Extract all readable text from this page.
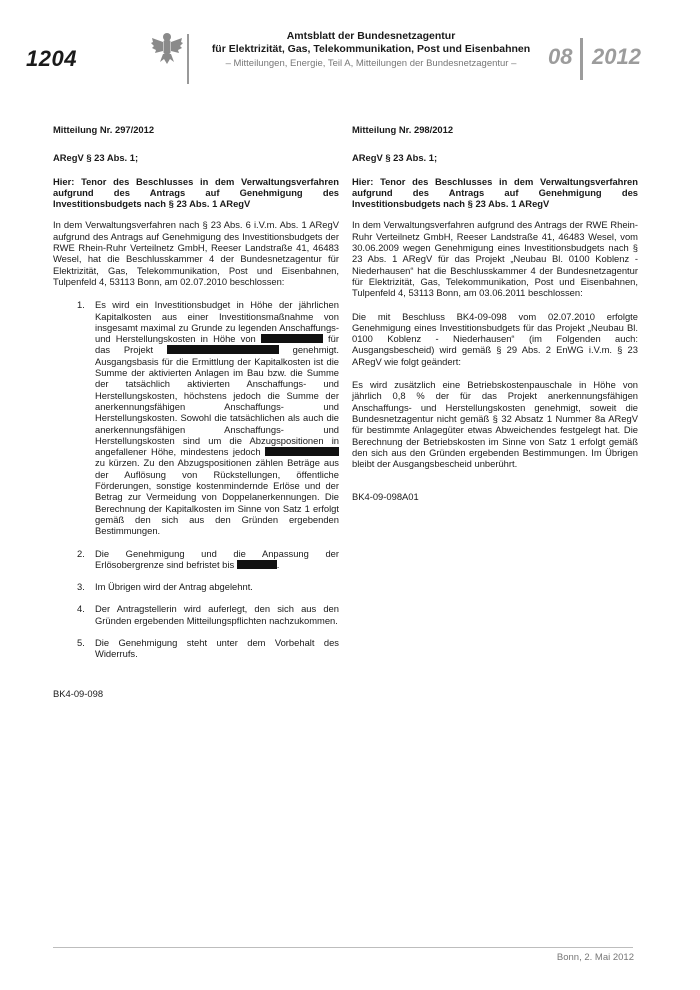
1204
Amtsblatt der Bundesnetzagentur
für Elektrizität, Gas, Telekommunikation, Post und Eisenbahnen
– Mitteilungen, Energie, Teil A, Mitteilungen der Bundesnetzagentur –	08 2012

Mitteilung Nr. 297/2012

ARegV § 23 Abs. 1;

Hier: Tenor des Beschlusses in dem Verwaltungsverfahren aufgrund des Antrags auf Genehmigung des Investitionsbudgets nach § 23 Abs. 1 ARegV

In dem Verwaltungsverfahren nach § 23 Abs. 6 i.V.m. Abs. 1 ARegV aufgrund des Antrags auf Genehmigung des Investitionsbudgets der RWE Rhein-Ruhr Verteilnetz GmbH, Reeser Landstraße 41, 46483 Wesel, hat die Beschlusskammer 4 der Bundesnetzagentur für Elektrizität, Gas, Telekommunikation, Post und Eisenbahnen, Tulpenfeld 4, 53113 Bonn, am 02.07.2010 beschlossen:

1. Es wird ein Investitionsbudget in Höhe der jährlichen Kapitalkosten aus einer Investitionsmaßnahme von insgesamt maximal zu Grunde zu legenden Anschaffungs- und Herstellungskosten in Höhe von	für das Projekt	genehmigt. Ausgangsbasis für die Ermittlung der Kapitalkosten ist die Summe der aktivierten Anlagen im Bau bzw. die Summe der tatsächlich aktivierten Anschaffungs- und Herstellungskosten, höchstens jedoch die Summe der anerkennungsfähigen Anschaffungs- und Herstellungskosten. Sowohl die tatsächlichen als auch die anerkennungsfähigen Anschaffungs- und Herstellungskosten sind um die Abzugspositionen in angefallener Höhe, mindestens jedoch  zu kürzen. Zu den Abzugspositionen zählen Beträge aus der Auflösung von Rückstellungen, öffentliche Förderungen, sonstige kostenmindernde Erlöse und der Betrag zur Vermeidung von Doppelanerkennungen. Die Berechnung der Kapitalkosten im Sinne von Satz 1 erfolgt gemäß den sich aus den Gründen ergebenden Bestimmungen.
2. Die Genehmigung und die Anpassung der Erlösobergrenze sind befristet bis	.
3. Im Übrigen wird der Antrag abgelehnt.
4. Der Antragstellerin wird auferlegt, den sich aus den Gründen ergebenden Mitteilungspflichten nachzukommen.
5. Die Genehmigung steht unter dem Vorbehalt des Widerrufs.

BK4-09-098

Mitteilung Nr. 298/2012

ARegV § 23 Abs. 1;

Hier: Tenor des Beschlusses in dem Verwaltungsverfahren aufgrund des Antrags auf Genehmigung des Investitionsbudgets nach § 23 Abs. 1 ARegV

In dem Verwaltungsverfahren aufgrund des Antrags der RWE Rhein-Ruhr Verteilnetz GmbH, Reeser Landstraße 41, 46483 Wesel, vom 30.06.2009 wegen Genehmigung eines Investitionsbudgets nach § 23 Abs. 1 ARegV für das Projekt „Neubau Bl. 0100 Koblenz - Niederhausen“ hat die Beschlusskammer 4 der Bundesnetzagentur für Elektrizität, Gas, Telekommunikation, Post und Eisenbahnen, Tulpenfeld 4, 53113 Bonn, am 03.06.2011 beschlossen:

Die mit Beschluss BK4-09-098 vom 02.07.2010 erfolgte Genehmigung eines Investitionsbudgets für das Projekt „Neubau Bl. 0100 Koblenz - Niederhausen“ (im Folgenden auch: Ausgangsbescheid) wird gemäß § 29 Abs. 2 EnWG i.V.m. § 23 ARegV wie folgt geändert:

Es wird zusätzlich eine Betriebskostenpauschale in Höhe von jährlich 0,8 % der für das Projekt anerkennungsfähigen Anschaffungs- und Herstellungskosten genehmigt, soweit die Bundesnetzagentur nicht gemäß § 32 Absatz 1 Nummer 8a ARegV für bestimmte Anlagegüter etwas Abweichendes festgelegt hat. Die Berechnung der Betriebskosten im Sinne von Satz 1 erfolgt gemäß den sich aus den Gründen ergebenden Bestimmungen. Im Übrigen bleibt der Ausgangsbescheid unberührt.

BK4-09-098A01

Bonn, 2. Mai 2012
